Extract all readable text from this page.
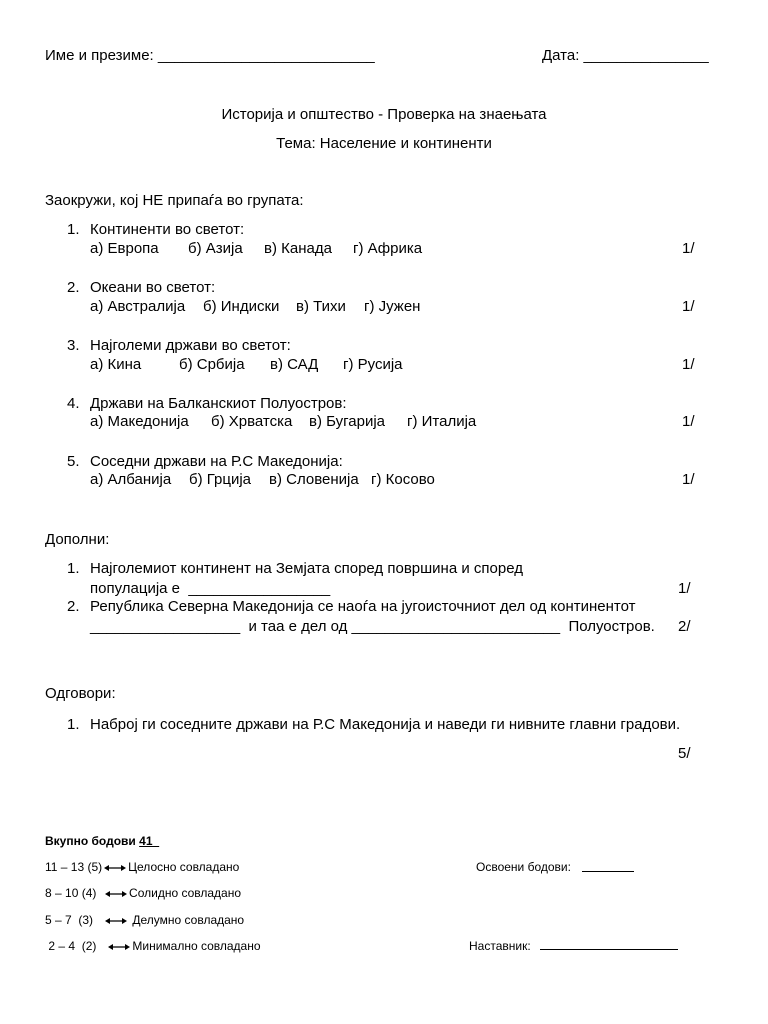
Име и презиме: __________________________	Дата: _______________
Историја и општество - Проверка на знаењата
Тема: Население и континенти
Заокружи, кој НЕ припаѓа во групата:
1. Континенти во светот:
а) Европа б) Азија в) Канада г) Африка	1/
2. Океани во светот:
а) Австралија б) Индиски в) Тихи г) Јужен	1/
3. Најголеми држави во светот:
а) Кина	б) Србија в) САД г) Русија	1/
4. Држави на Балканскиот Полуостров:
а) Македонија б) Хрватска в) Бугарија г) Италија	1/
5. Соседни држави на Р.С Македонија:
а) Албанија б) Грција в) Словенија г) Косово	1/
Дополни:
1. Најголемиот континент на Земјата според површина и според
популација е  _________________	1/
2. Република Северна Македонија се наоѓа на југоисточниот дел од континентот
__________________  и таа е дел од _________________________  Полуостров. 2/
Одговори:
1. Наброј ги соседните држави на Р.С Македонија и наведи ги нивните главни градови.
5/
Вкупно бодови 41
11 – 13 (5) Целосно совладано
8 – 10 (4)	Солидно совладано
5 – 7  (3)	Делумно совладано
2 – 4  (2)	Минимално совладано
Освоени бодови:
Наставник:
